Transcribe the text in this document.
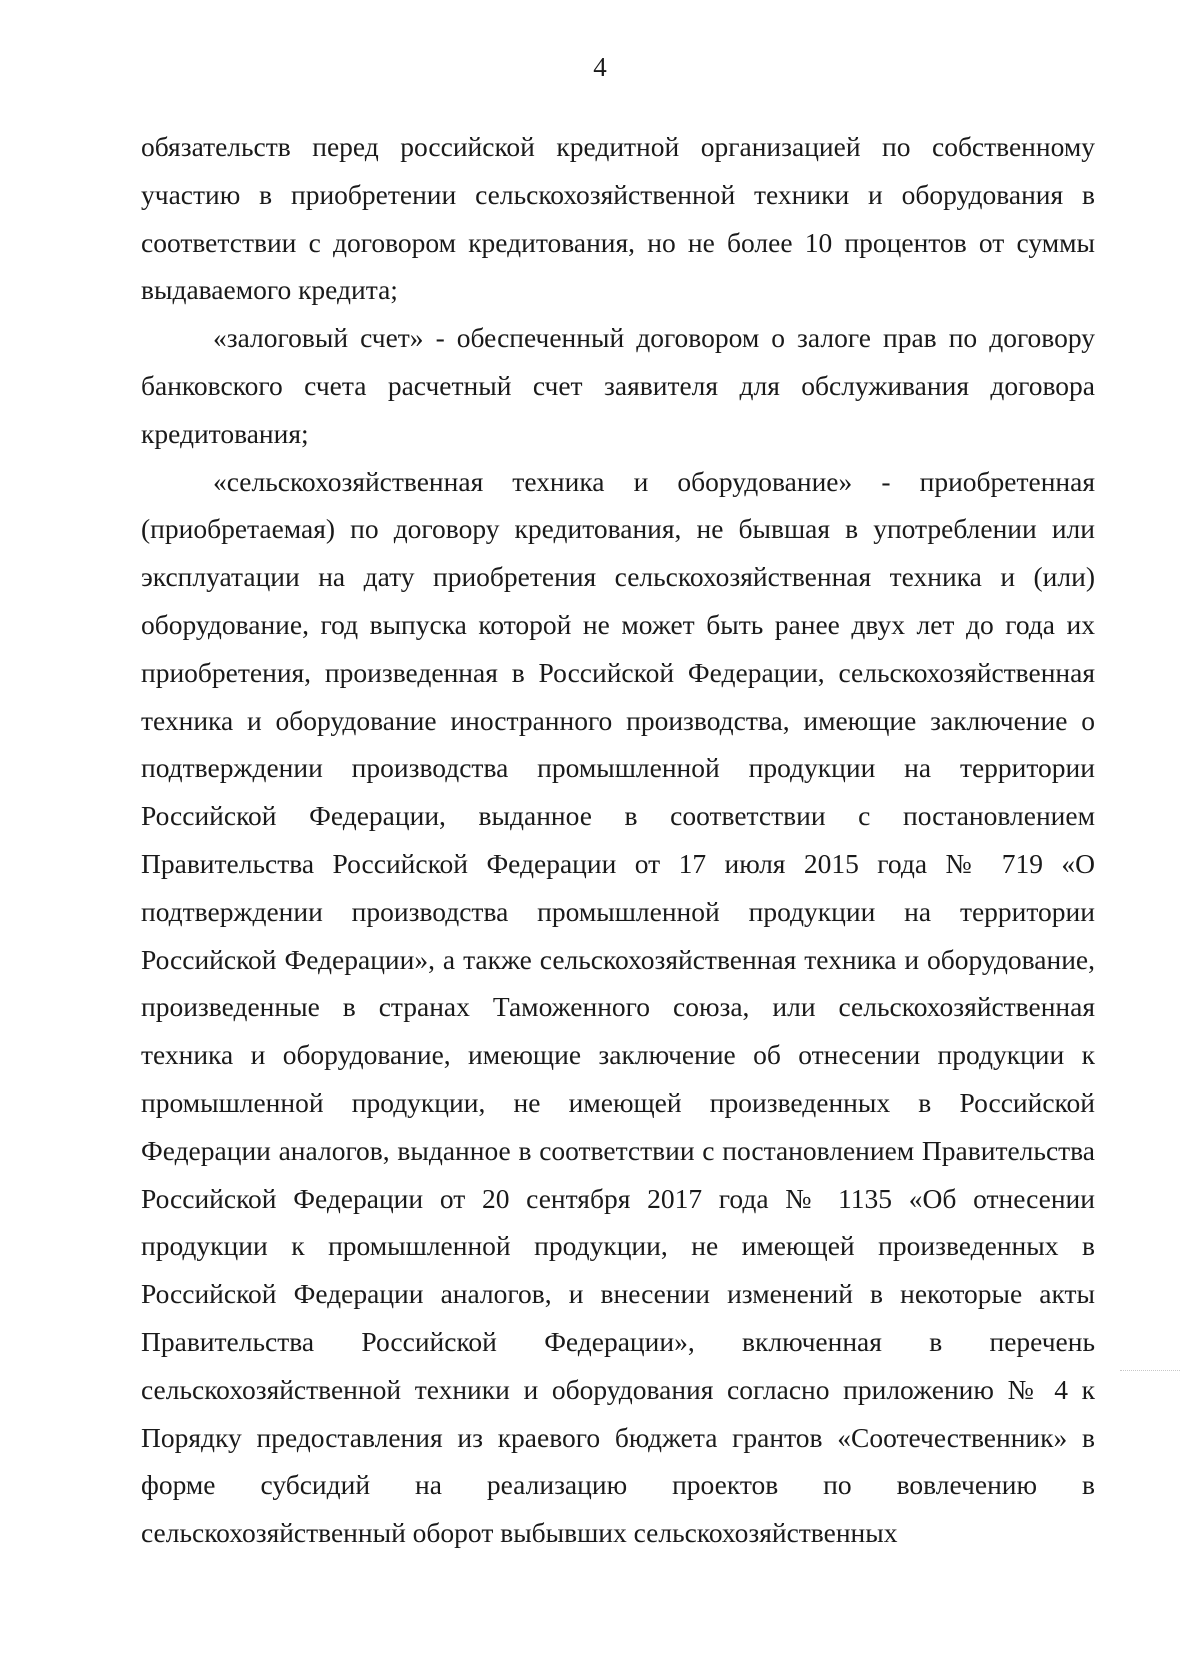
4

обязательств перед российской кредитной организацией по собственному участию в приобретении сельскохозяйственной техники и оборудования в соответствии с договором кредитования, но не более 10 процентов от суммы выдаваемого кредита;

«залоговый счет» - обеспеченный договором о залоге прав по договору банковского счета расчетный счет заявителя для обслуживания договора кредитования;

«сельскохозяйственная техника и оборудование» - приобретенная (приобретаемая) по договору кредитования, не бывшая в употреблении или эксплуатации на дату приобретения сельскохозяйственная техника и (или) оборудование, год выпуска которой не может быть ранее двух лет до года их приобретения, произведенная в Российской Федерации, сельскохозяйственная техника и оборудование иностранного производства, имеющие заключение о подтверждении производства промышленной продукции на территории Российской Федерации, выданное в соответствии с постановлением Правительства Российской Федерации от 17 июля 2015 года № 719 «О подтверждении производства промышленной продукции на территории Российской Федерации», а также сельскохозяйственная техника и оборудование, произведенные в странах Таможенного союза, или сельскохозяйственная техника и оборудование, имеющие заключение об отнесении продукции к промышленной продукции, не имеющей произведенных в Российской Федерации аналогов, выданное в соответствии с постановлением Правительства Российской Федерации от 20 сентября 2017 года № 1135 «Об отнесении продукции к промышленной продукции, не имеющей произведенных в Российской Федерации аналогов, и внесении изменений в некоторые акты Правительства Российской Федерации», включенная в перечень сельскохозяйственной техники и оборудования согласно приложению № 4 к Порядку предоставления из краевого бюджета грантов «Соотечественник» в форме субсидий на реализацию проектов по вовлечению в сельскохозяйственный оборот выбывших сельскохозяйственных
